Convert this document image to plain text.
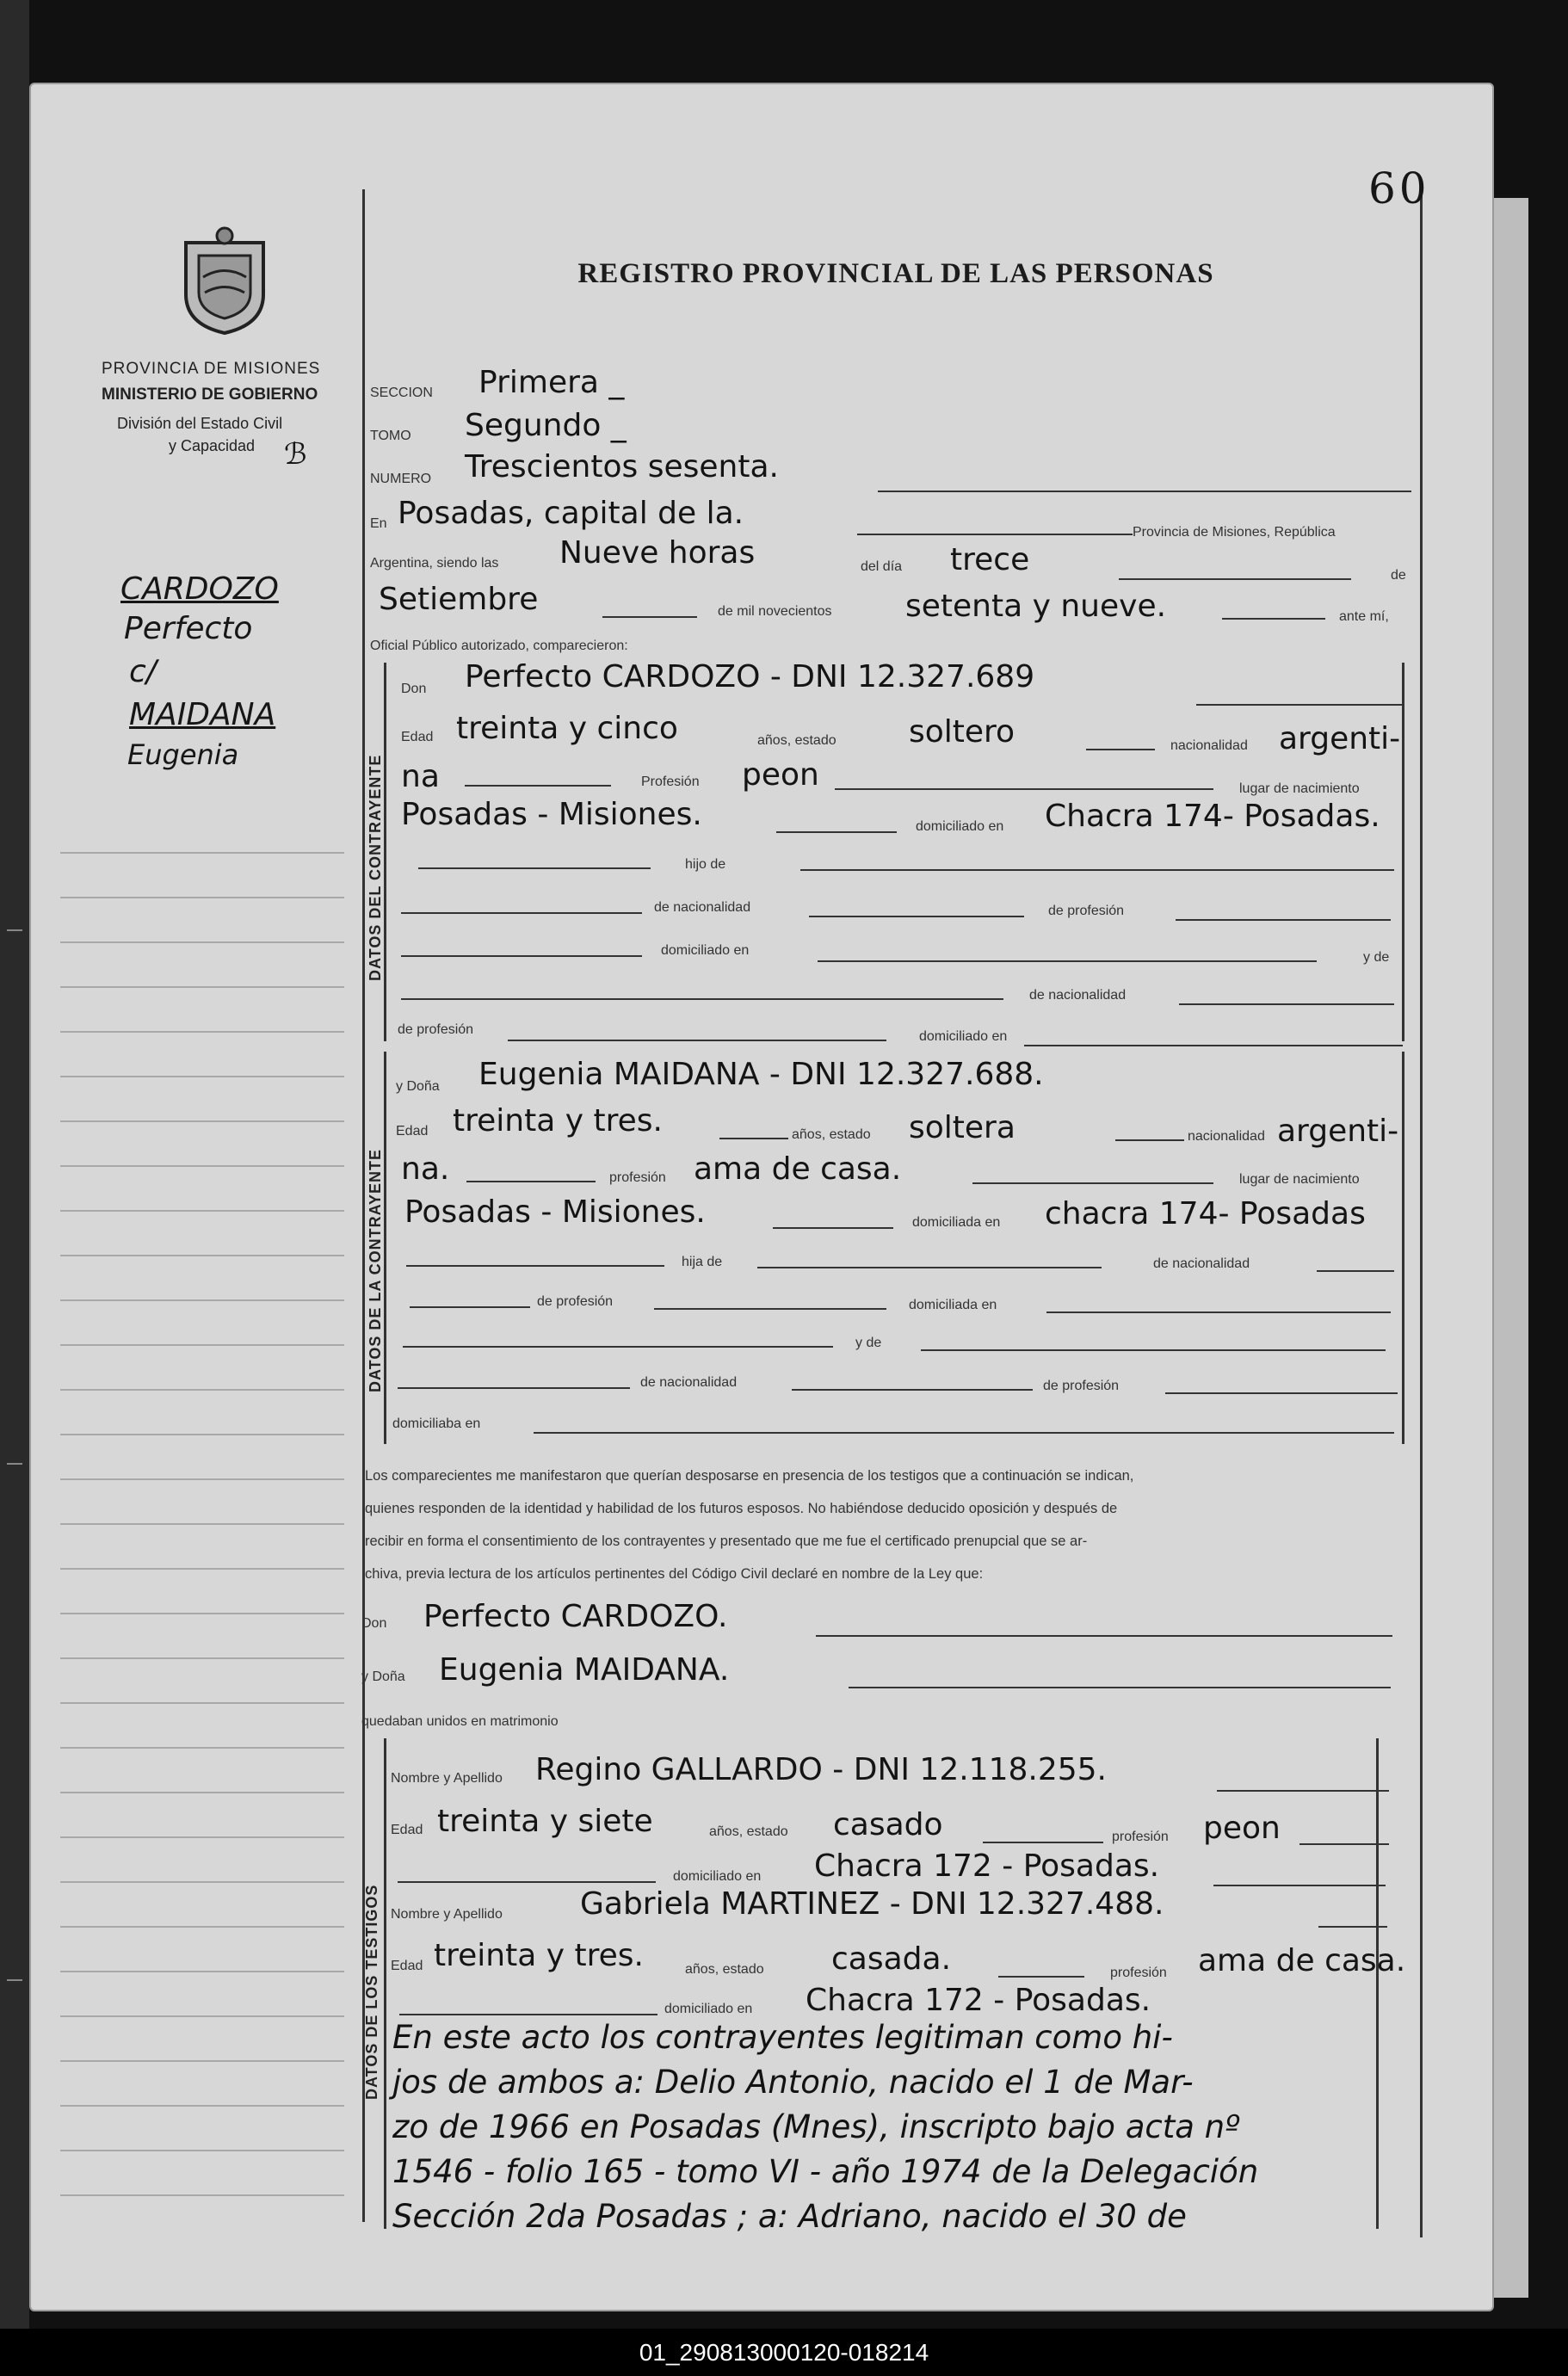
PROVINCIA DE MISIONES
MINISTERIO DE GOBIERNO
División del Estado Civil
y Capacidad ℬ
CARDOZO
Perfecto
c/
MAIDANA
Eugenia
60
REGISTRO PROVINCIAL DE LAS PERSONAS
SECCION Primera _
TOMO Segundo _
NUMERO Trescientos sesenta.
En Posadas, capital de la.
Provincia de Misiones, República
Argentina, siendo las Nueve horas	del día trece	de
Setiembre	de mil novecientos setenta y nueve.	ante mí,
Oficial Público autorizado, comparecieron:
DATOS DEL CONTRAYENTE
Don Perfecto CARDOZO - DNI 12.327.689
Edad treinta y cinco	años, estado soltero	nacionalidad argenti-
na	Profesión peon	lugar de nacimiento
Posadas - Misiones.	domiciliado en Chacra 174- Posadas.
hijo de
de nacionalidad	de profesión
domiciliado en	y de
de nacionalidad
de profesión	domiciliado en
DATOS DE LA CONTRAYENTE
y Doña Eugenia MAIDANA - DNI 12.327.688.
Edad treinta y tres.	años, estado soltera	nacionalidad argenti-
na.	profesión ama de casa.	lugar de nacimiento
Posadas - Misiones.	domiciliada en chacra 174- Posadas
hija de	de nacionalidad
de profesión	domiciliada en
y de
de nacionalidad	de profesión
domiciliaba en
Los comparecientes me manifestaron que querían desposarse en presencia de los testigos que a continuación se indican,
quienes responden de la identidad y habilidad de los futuros esposos. No habiéndose deducido oposición y después de
recibir en forma el consentimiento de los contrayentes y presentado que me fue el certificado prenupcial que se ar-
chiva, previa lectura de los artículos pertinentes del Código Civil declaré en nombre de la Ley que:
Don Perfecto CARDOZO.
y Doña Eugenia MAIDANA.
quedaban unidos en matrimonio
DATOS DE LOS TESTIGOS
Nombre y Apellido Regino GALLARDO - DNI 12.118.255.
Edad treinta y siete	años, estado casado	profesión peon
domiciliado en Chacra 172 - Posadas.
Nombre y Apellido	Gabriela MARTINEZ - DNI 12.327.488.
Edad treinta y tres.	años, estado casada.	profesión ama de casa.
domiciliado en Chacra 172 - Posadas.
En este acto los contrayentes legitiman como hi-
jos de ambos a: Delio Antonio, nacido el 1 de Mar-
zo de 1966 en Posadas (Mnes), inscripto bajo acta nº
1546 - folio 165 - tomo VI - año 1974 de la Delegación
Sección 2da Posadas ; a: Adriano, nacido el 30 de
01_290813000120-018214
